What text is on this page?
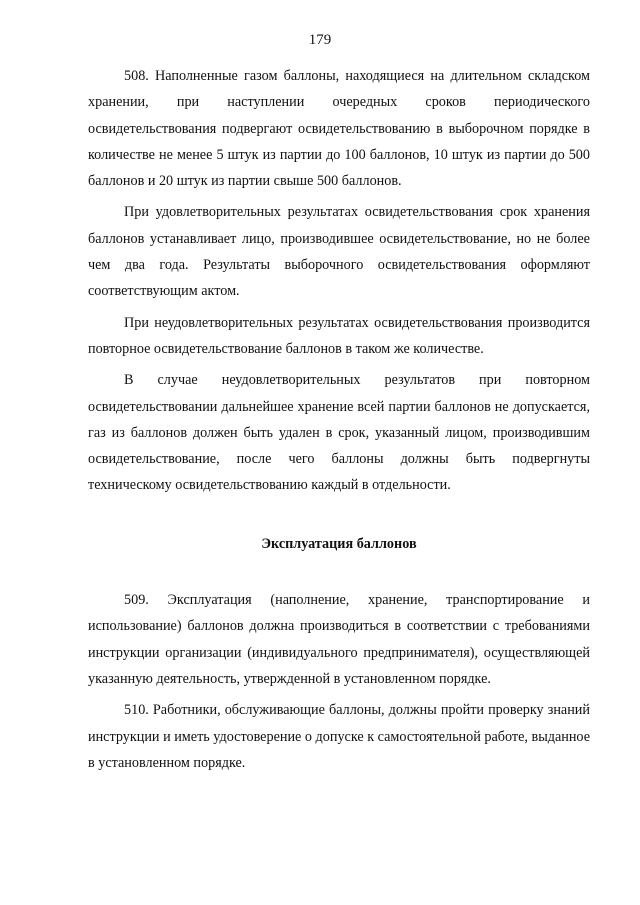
179

508. Наполненные газом баллоны, находящиеся на длительном складском хранении, при наступлении очередных сроков периодического освидетельствования подвергают освидетельствованию в выборочном порядке в количестве не менее 5 штук из партии до 100 баллонов, 10 штук из партии до 500 баллонов и 20 штук из партии свыше 500 баллонов.

При удовлетворительных результатах освидетельствования срок хранения баллонов устанавливает лицо, производившее освидетельствование, но не более чем два года. Результаты выборочного освидетельствования оформляют соответствующим актом.

При неудовлетворительных результатах освидетельствования производится повторное освидетельствование баллонов в таком же количестве.

В случае неудовлетворительных результатов при повторном освидетельствовании дальнейшее хранение всей партии баллонов не допускается, газ из баллонов должен быть удален в срок, указанный лицом, производившим освидетельствование, после чего баллоны должны быть подвергнуты техническому освидетельствованию каждый в отдельности.

Эксплуатация баллонов

509. Эксплуатация (наполнение, хранение, транспортирование и использование) баллонов должна производиться в соответствии с требованиями инструкции организации (индивидуального предпринимателя), осуществляющей указанную деятельность, утвержденной в установленном порядке.

510. Работники, обслуживающие баллоны, должны пройти проверку знаний инструкции и иметь удостоверение о допуске к самостоятельной работе, выданное в установленном порядке.
